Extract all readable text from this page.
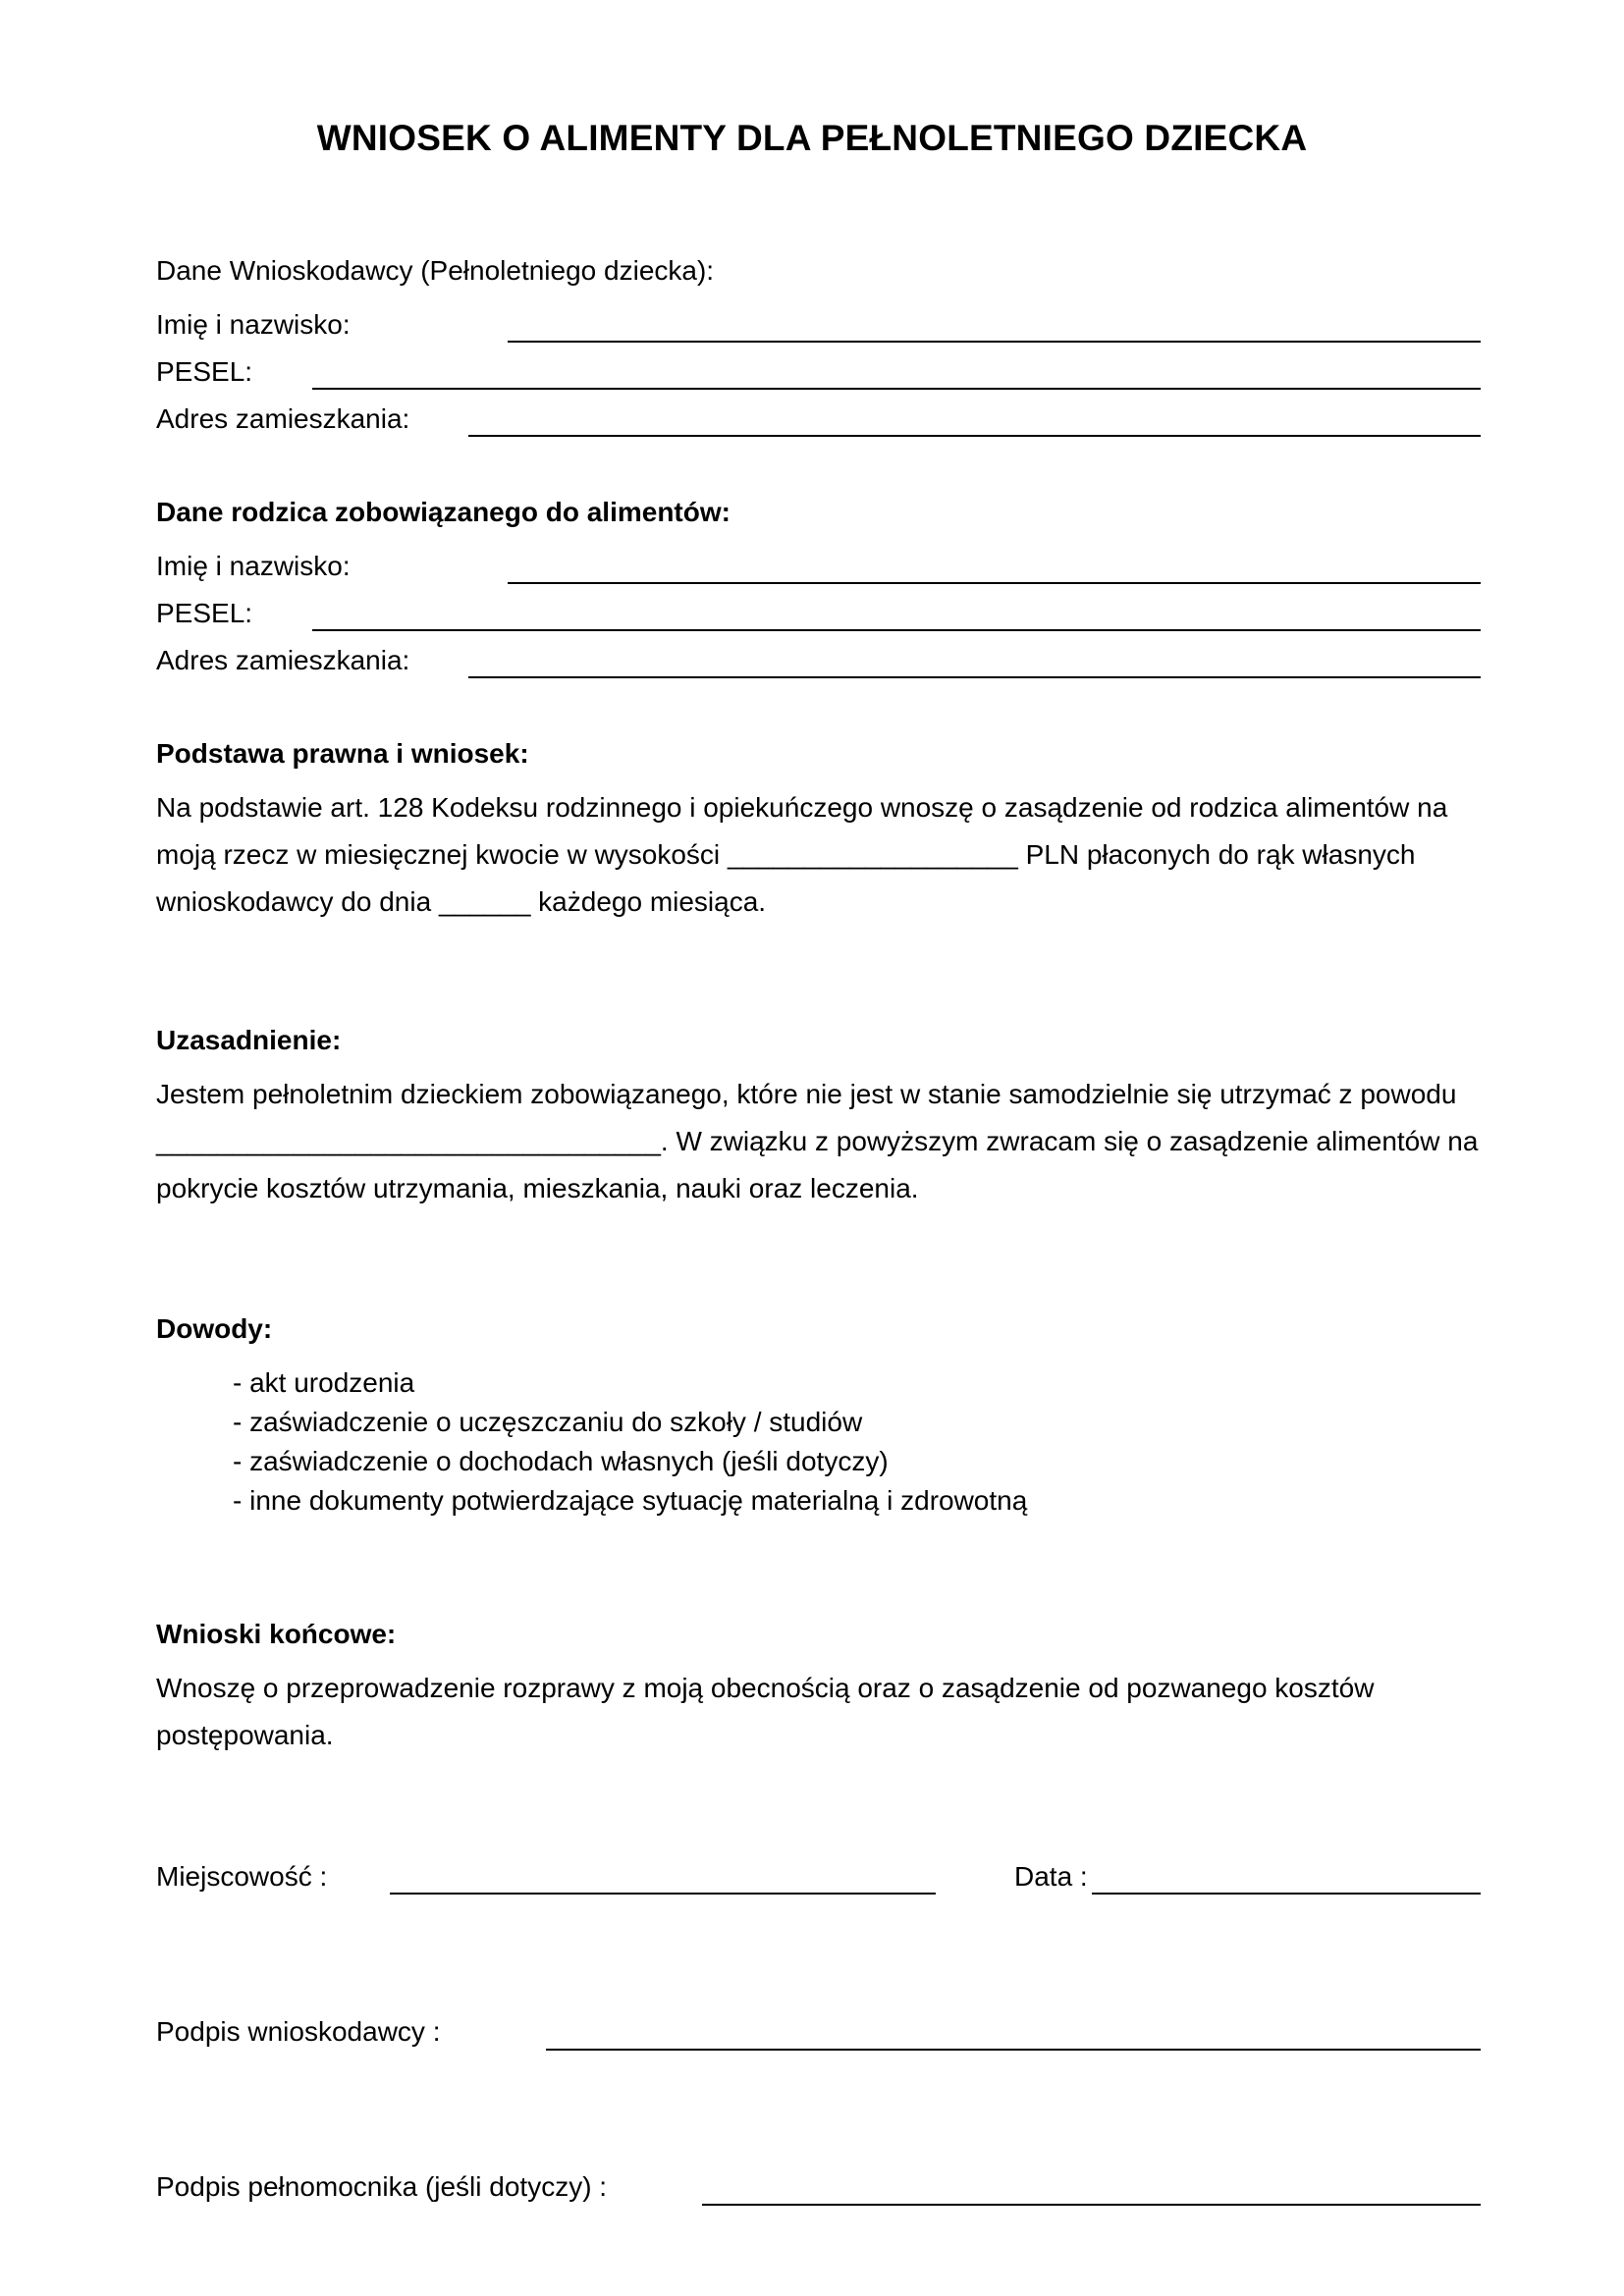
WNIOSEK O ALIMENTY DLA PEŁNOLETNIEGO DZIECKA
Dane Wnioskodawcy (Pełnoletniego dziecka):
Imię i nazwisko:
PESEL:
Adres zamieszkania:
Dane rodzica zobowiązanego do alimentów:
Imię i nazwisko:
PESEL:
Adres zamieszkania:
Podstawa prawna i wniosek:
Na podstawie art. 128 Kodeksu rodzinnego i opiekuńczego wnoszę o zasądzenie od rodzica alimentów na
moją rzecz w miesięcznej kwocie w wysokości ___________________ PLN płaconych do rąk własnych
wnioskodawcy do dnia ______ każdego miesiąca.
Uzasadnienie:
Jestem pełnoletnim dzieckiem zobowiązanego, które nie jest w stanie samodzielnie się utrzymać z powodu
_________________________________. W związku z powyższym zwracam się o zasądzenie alimentów na
pokrycie kosztów utrzymania, mieszkania, nauki oraz leczenia.
Dowody:
- akt urodzenia
- zaświadczenie o uczęszczaniu do szkoły / studiów
- zaświadczenie o dochodach własnych (jeśli dotyczy)
- inne dokumenty potwierdzające sytuację materialną i zdrowotną
Wnioski końcowe:
Wnoszę o przeprowadzenie rozprawy z moją obecnością oraz o zasądzenie od pozwanego kosztów
postępowania.
Miejscowość :	Data :
Podpis wnioskodawcy :
Podpis pełnomocnika (jeśli dotyczy) :
